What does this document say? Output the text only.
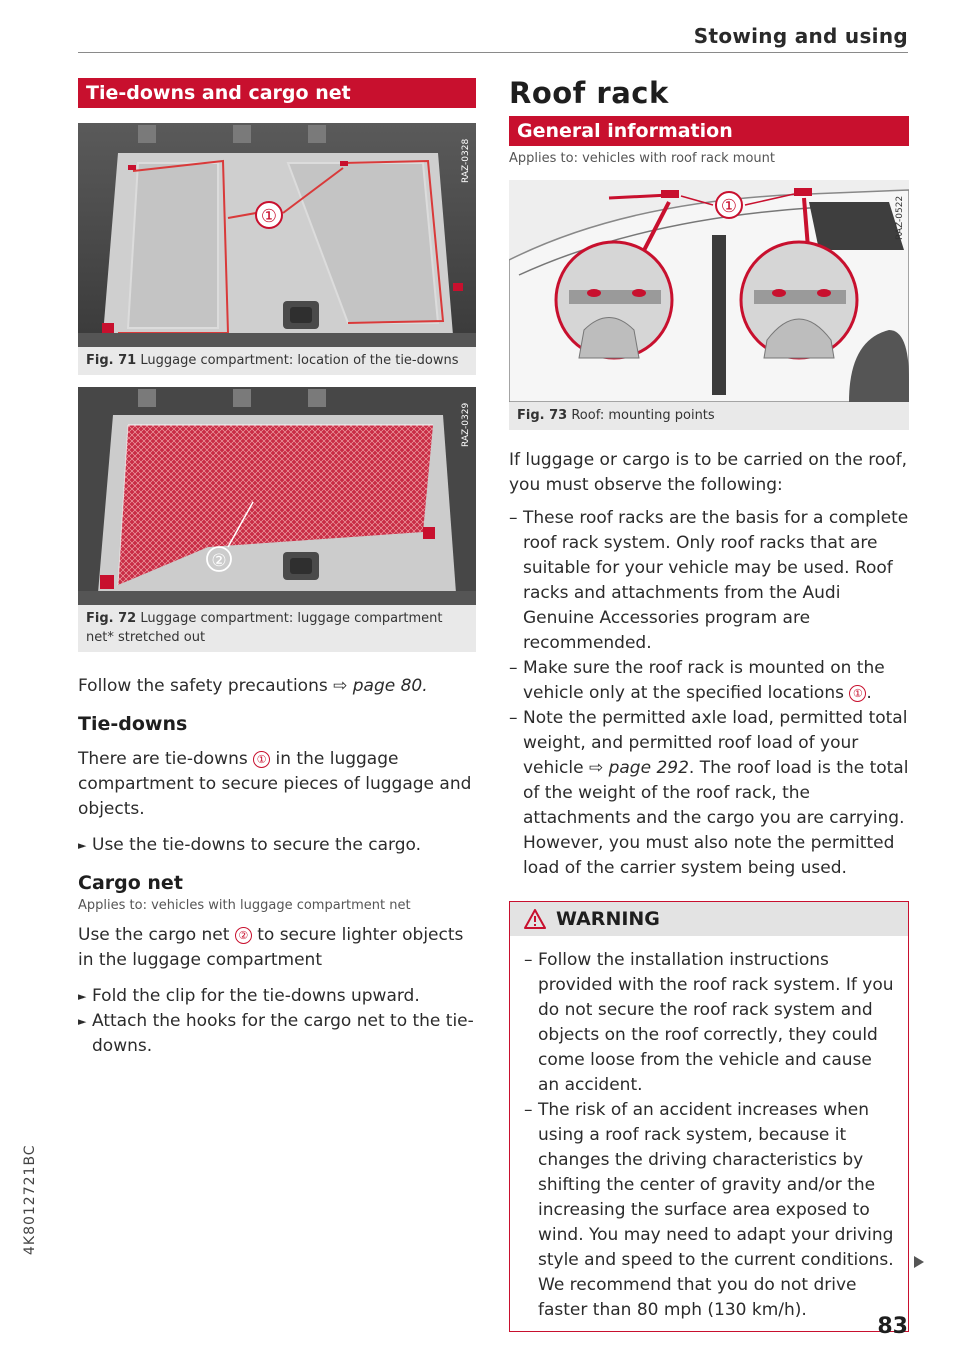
Stowing and using
4K8012721BC
Tie-downs and cargo net
①
RAZ-0328
Fig. 71 Luggage compartment: location of the tie-downs
②
RAZ-0329
Fig. 72 Luggage compartment: luggage compartment net* stretched out

Follow the safety precautions ⇨ page 80.

Tie-downs

There are tie-downs ① in the luggage compartment to secure pieces of luggage and objects.

► Use the tie-downs to secure the cargo.
Cargo net
Applies to: vehicles with luggage compartment net

Use the cargo net ② to secure lighter objects in the luggage compartment

► Fold the clip for the tie-downs upward.
► Attach the hooks for the cargo net to the tie-downs.
Roof rack
General information
Applies to: vehicles with roof rack mount
①	RAZ-0522
Fig. 73 Roof: mounting points

If luggage or cargo is to be carried on the roof, you must observe the following:

– These roof racks are the basis for a complete roof rack system. Only roof racks that are suitable for your vehicle may be used. Roof racks and attachments from the Audi Genuine Accessories program are recommended.
– Make sure the roof rack is mounted on the vehicle only at the specified locations ① .
– Note the permitted axle load, permitted total weight, and permitted roof load of your vehicle ⇨ page 292. The roof load is the total of the weight of the roof rack, the attachments and the cargo you are carrying. However, you must also note the permitted load of the carrier system being used.
WARNING
– Follow the installation instructions provided with the roof rack system. If you do not secure the roof rack system and objects on the roof correctly, they could come loose from the vehicle and cause an accident.
– The risk of an accident increases when using a roof rack system, because it changes the driving characteristics by shifting the center of gravity and/or the increasing the surface area exposed to wind. You may need to adapt your driving style and speed to the current conditions. We recommend that you do not drive faster than 80 mph (130 km/h).
83
